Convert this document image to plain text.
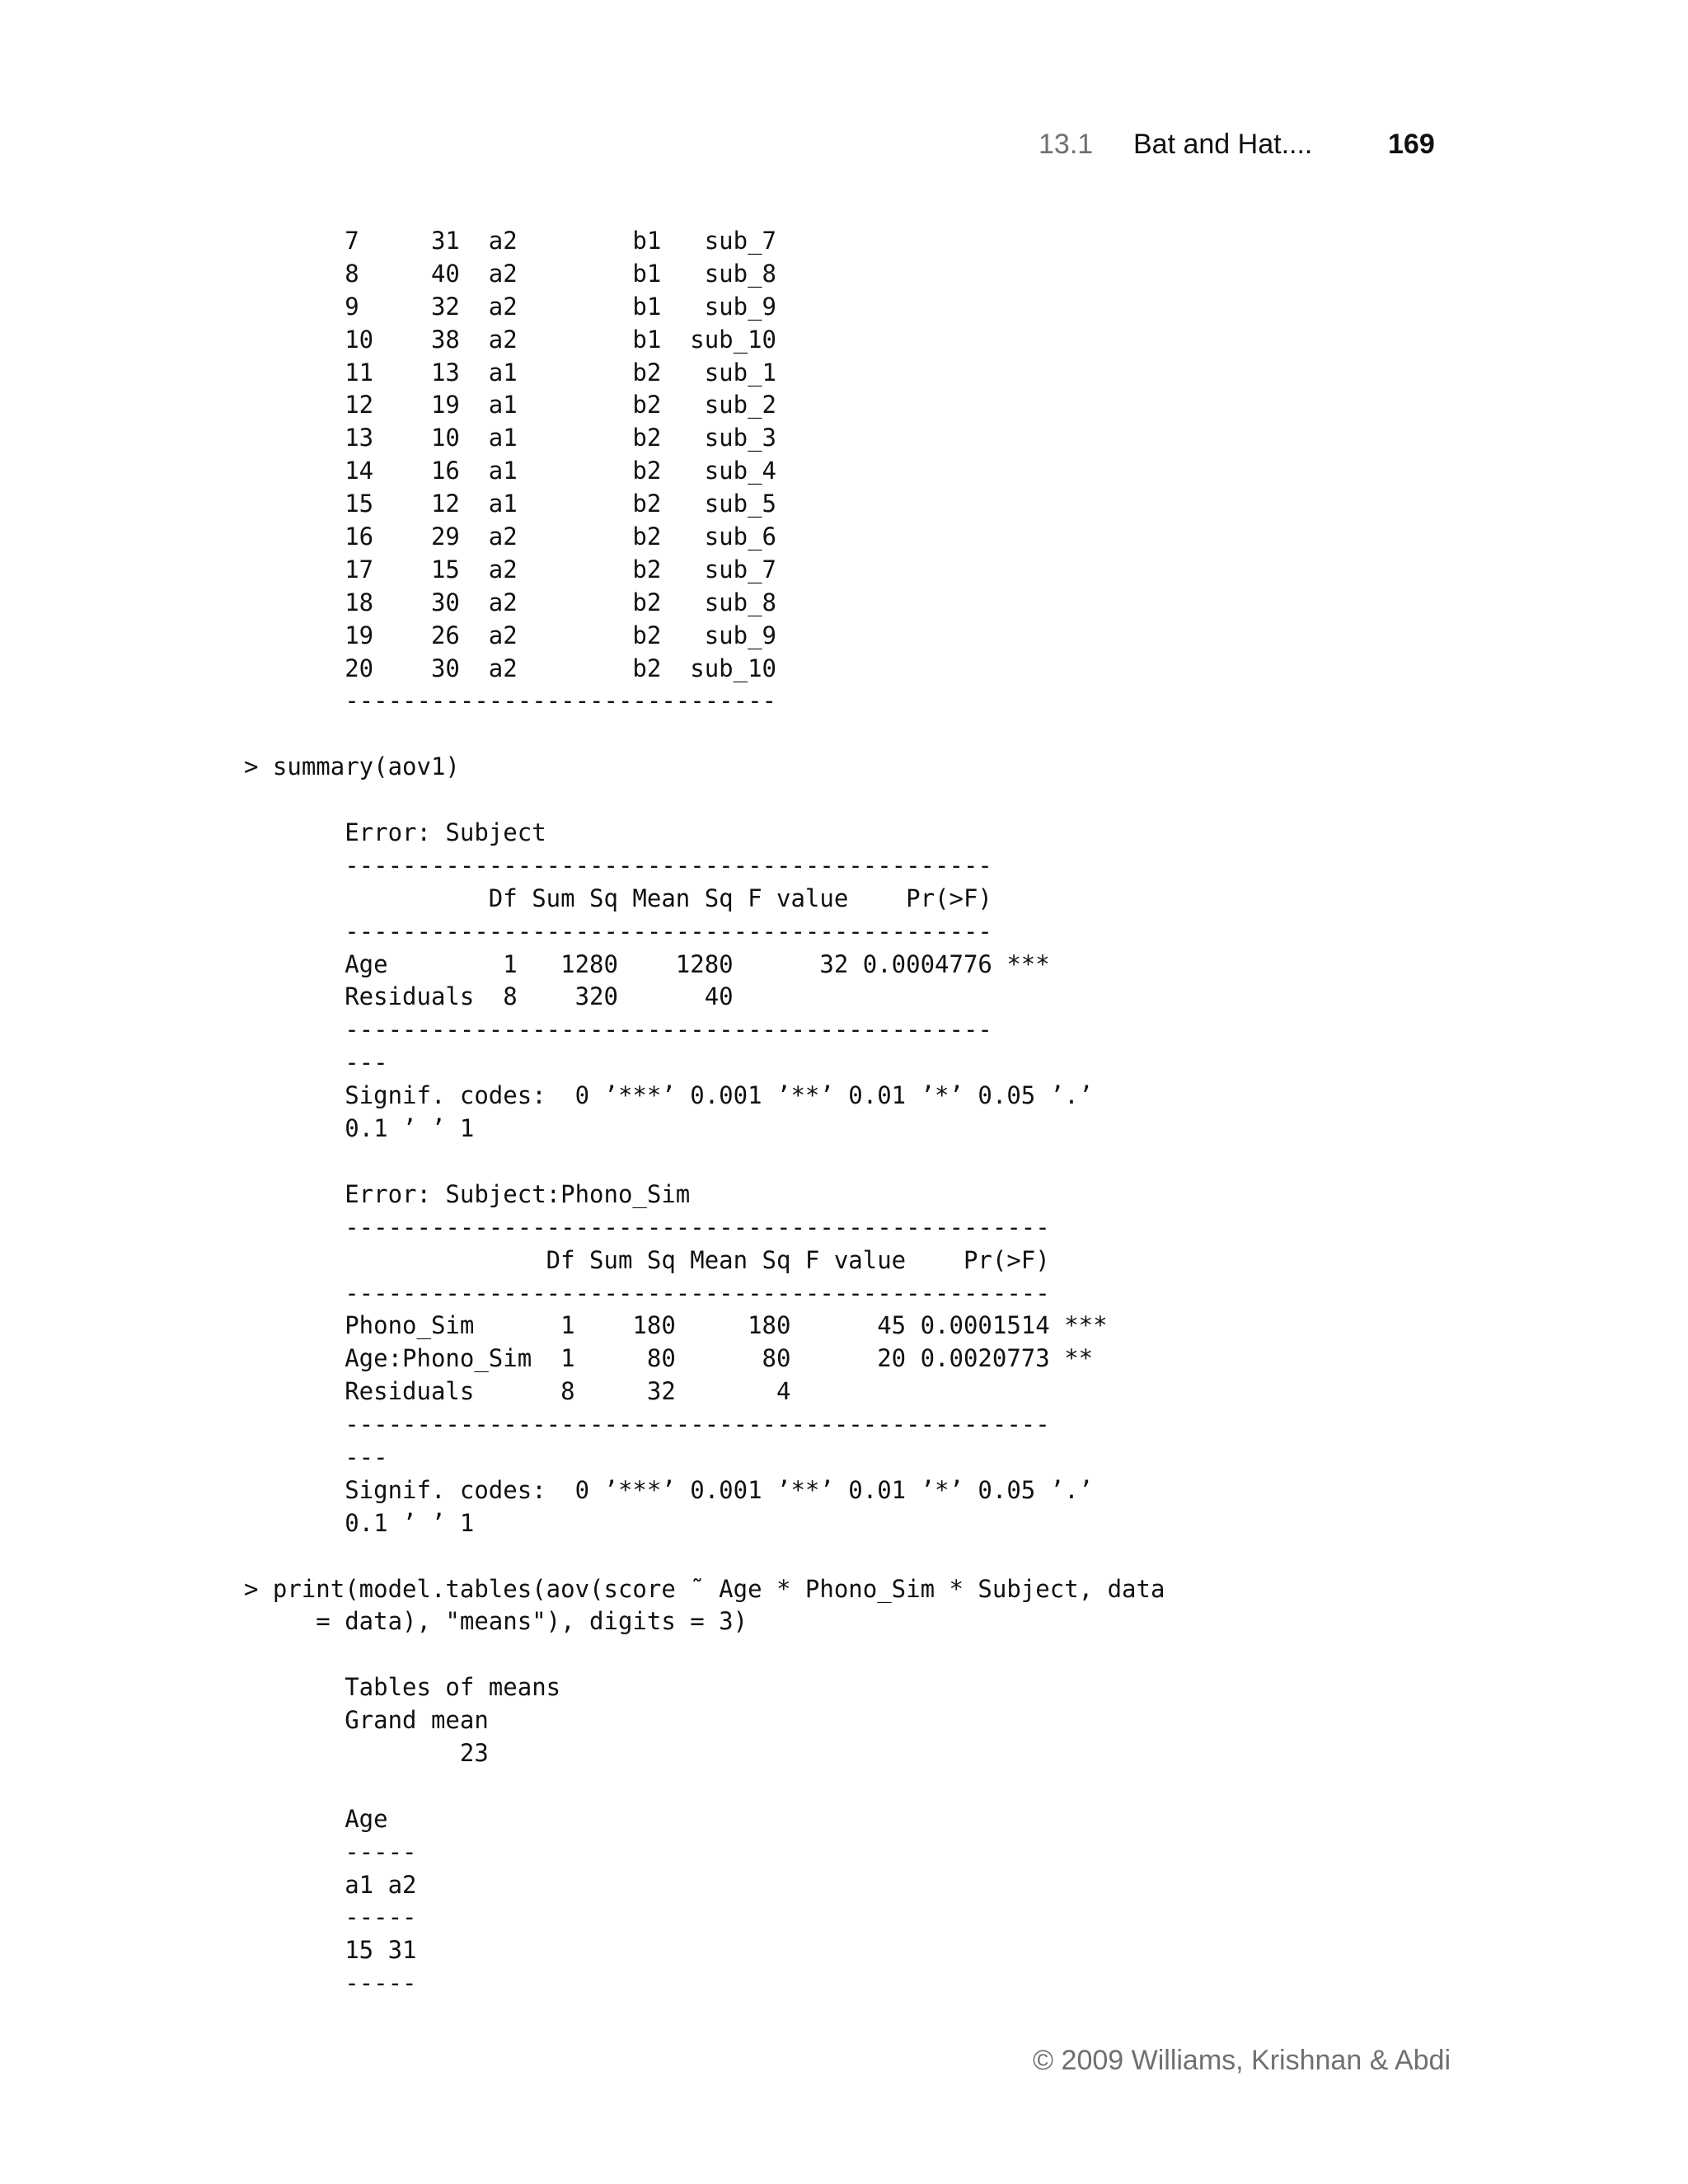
13.1 Bat and Hat....	169
7     31  a2        b1   sub_7
8     40  a2        b1   sub_8
9     32  a2        b1   sub_9
10    38  a2        b1  sub_10
11    13  a1        b2   sub_1
12    19  a1        b2   sub_2
13    10  a1        b2   sub_3
14    16  a1        b2   sub_4
15    12  a1        b2   sub_5
16    29  a2        b2   sub_6
17    15  a2        b2   sub_7
18    30  a2        b2   sub_8
19    26  a2        b2   sub_9
20    30  a2        b2  sub_10
------------------------------
> summary(aov1)
Error: Subject
---------------------------------------------
Df Sum Sq Mean Sq F value    Pr(>F)
---------------------------------------------
Age        1   1280    1280      32 0.0004776 ***
Residuals  8    320      40
---------------------------------------------
---
Signif. codes:  0 ’***’ 0.001 ’**’ 0.01 ’*’ 0.05 ’.’
0.1 ’ ’ 1
Error: Subject:Phono_Sim
-------------------------------------------------
Df Sum Sq Mean Sq F value    Pr(>F)
-------------------------------------------------
Phono_Sim      1    180     180      45 0.0001514 ***
Age:Phono_Sim  1     80      80      20 0.0020773 **
Residuals      8     32       4
-------------------------------------------------
---
Signif. codes:  0 ’***’ 0.001 ’**’ 0.01 ’*’ 0.05 ’.’
0.1 ’ ’ 1
> print(model.tables(aov(score ˜ Age * Phono_Sim * Subject, data
= data), "means"), digits = 3)
Tables of means
Grand mean
23
Age
-----
a1 a2
-----
15 31
-----
© 2009 Williams, Krishnan & Abdi
